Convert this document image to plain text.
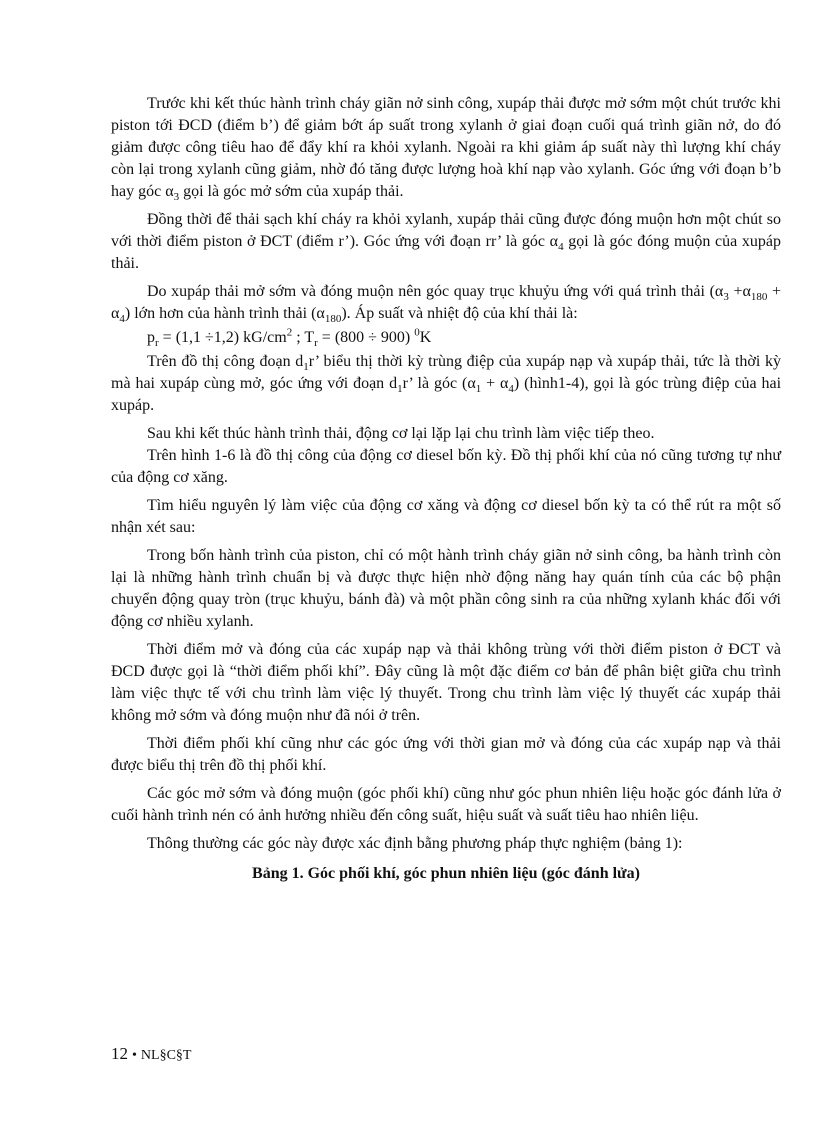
Trước khi kết thúc hành trình cháy giãn nở sinh công, xupáp thải được mở sớm một chút trước khi piston tới ĐCD (điểm b’) để giảm bớt áp suất trong xylanh ở giai đoạn cuối quá trình giãn nở, do đó giảm được công tiêu hao để đẩy khí ra khỏi xylanh. Ngoài ra khi giảm áp suất này thì lượng khí cháy còn lại trong xylanh cũng giảm, nhờ đó tăng được lượng hoà khí nạp vào xylanh. Góc ứng với đoạn b’b hay góc $\alpha_3$ gọi là góc mở sớm của xupáp thải.

Đồng thời để thải sạch khí cháy ra khỏi xylanh, xupáp thải cũng được đóng muộn hơn một chút so với thời điểm piston ở ĐCT (điểm r’). Góc ứng với đoạn rr’ là góc $\alpha_4$ gọi là góc đóng muộn của xupáp thải.

Do xupáp thải mở sớm và đóng muộn nên góc quay trục khuỷu ứng với quá trình thải $(\alpha_3 +\alpha_{180} + \alpha_4)$ lớn hơn của hành trình thải $(\alpha_{180})$. Áp suất và nhiệt độ của khí thải là:

$p_r = (1,1 \div 1,2)$ $kG/cm^2$ ; $T_r = (800 \div 900)$ $^0$K

Trên đồ thị công đoạn $d_1r$’ biểu thị thời kỳ trùng điệp của xupáp nạp và xupáp thải, tức là thời kỳ mà hai xupáp cùng mở, góc ứng với đoạn $d_1r$’ là góc $(\alpha_1 + \alpha_4)$ (hình1-4), gọi là góc trùng điệp của hai xupáp.

Sau khi kết thúc hành trình thải, động cơ lại lặp lại chu trình làm việc tiếp theo.

Trên hình 1-6 là đồ thị công của động cơ diesel bốn kỳ. Đồ thị phối khí của nó cũng tương tự như của động cơ xăng.

Tìm hiểu nguyên lý làm việc của động cơ xăng và động cơ diesel bốn kỳ ta có thể rút ra một số nhận xét sau:

Trong bốn hành trình của piston, chỉ có một hành trình cháy giãn nở sinh công, ba hành trình còn lại là những hành trình chuẩn bị và được thực hiện nhờ động năng hay quán tính của các bộ phận chuyển động quay tròn (trục khuỷu, bánh đà) và một phần công sinh ra của những xylanh khác đối với động cơ nhiều xylanh.

Thời điểm mở và đóng của các xupáp nạp và thải không trùng với thời điểm piston ở ĐCT và ĐCD được gọi là “thời điểm phối khí”. Đây cũng là một đặc điểm cơ bản để phân biệt giữa chu trình làm việc thực tế với chu trình làm việc lý thuyết. Trong chu trình làm việc lý thuyết các xupáp thải không mở sớm và đóng muộn như đã nói ở trên.

Thời điểm phối khí cũng như các góc ứng với thời gian mở và đóng của các xupáp nạp và thải được biểu thị trên đồ thị phối khí.

Các góc mở sớm và đóng muộn (góc phối khí) cũng như góc phun nhiên liệu hoặc góc đánh lửa ở cuối hành trình nén có ảnh hưởng nhiều đến công suất, hiệu suất và suất tiêu hao nhiên liệu.

Thông thường các góc này được xác định bằng phương pháp thực nghiệm (bảng 1):

Bảng 1. Góc phối khí, góc phun nhiên liệu (góc đánh lửa)

12 • NL§C§T
